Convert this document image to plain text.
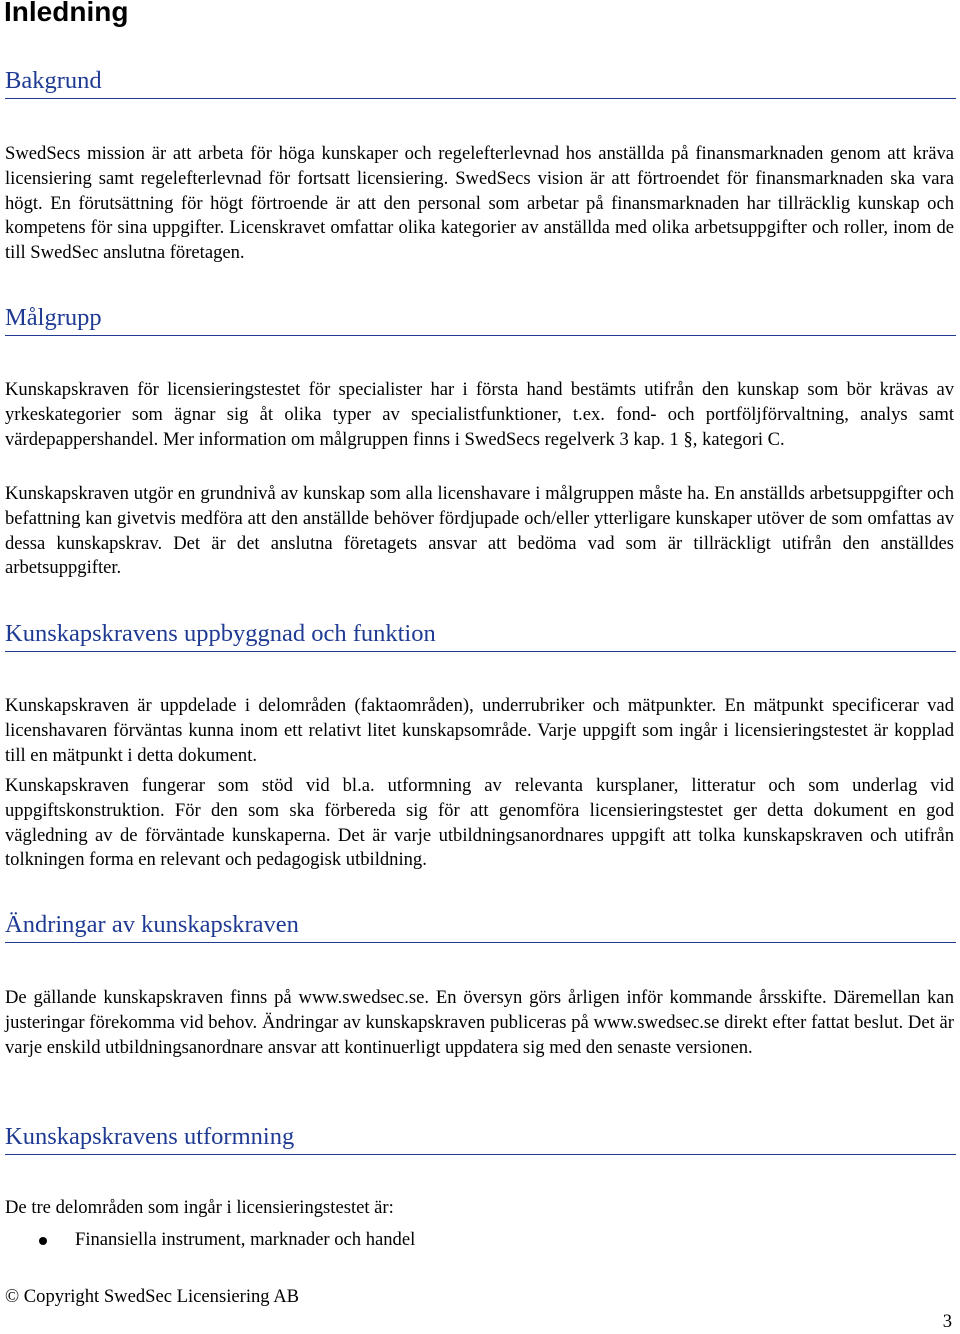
Inledning
Bakgrund

SwedSecs mission är att arbeta för höga kunskaper och regelefterlevnad hos anställda på finansmarknaden genom att kräva licensiering samt regelefterlevnad för fortsatt licensiering. SwedSecs vision är att förtroendet för finansmarknaden ska vara högt. En förutsättning för högt förtroende är att den personal som arbetar på finansmarknaden har tillräcklig kunskap och kompetens för sina uppgifter. Licenskravet omfattar olika kategorier av anställda med olika arbetsuppgifter och roller, inom de till SwedSec anslutna företagen.

Målgrupp

Kunskapskraven för licensieringstestet för specialister har i första hand bestämts utifrån den kunskap som bör krävas av yrkeskategorier som ägnar sig åt olika typer av specialistfunktioner, t.ex. fond- och portföljförvaltning, analys samt värdepappershandel. Mer information om målgruppen finns i SwedSecs regelverk 3 kap. 1 §, kategori C.

Kunskapskraven utgör en grundnivå av kunskap som alla licenshavare i målgruppen måste ha. En anställds arbetsuppgifter och befattning kan givetvis medföra att den anställde behöver fördjupade och/eller ytterligare kunskaper utöver de som omfattas av dessa kunskapskrav. Det är det anslutna företagets ansvar att bedöma vad som är tillräckligt utifrån den anställdes arbetsuppgifter.

Kunskapskravens uppbyggnad och funktion

Kunskapskraven är uppdelade i delområden (faktaområden), underrubriker och mätpunkter. En mätpunkt specificerar vad licenshavaren förväntas kunna inom ett relativt litet kunskapsområde. Varje uppgift som ingår i licensieringstestet är kopplad till en mätpunkt i detta dokument.

Kunskapskraven fungerar som stöd vid bl.a. utformning av relevanta kursplaner, litteratur och som underlag vid uppgiftskonstruktion. För den som ska förbereda sig för att genomföra licensieringstestet ger detta dokument en god vägledning av de förväntade kunskaperna. Det är varje utbildningsanordnares uppgift att tolka kunskapskraven och utifrån tolkningen forma en relevant och pedagogisk utbildning.

Ändringar av kunskapskraven

De gällande kunskapskraven finns på www.swedsec.se. En översyn görs årligen inför kommande årsskifte. Däremellan kan justeringar förekomma vid behov. Ändringar av kunskapskraven publiceras på www.swedsec.se direkt efter fattat beslut. Det är varje enskild utbildningsanordnare ansvar att kontinuerligt uppdatera sig med den senaste versionen.

Kunskapskravens utformning

De tre delområden som ingår i licensieringstestet är:

Finansiella instrument, marknader och handel
© Copyright SwedSec Licensiering AB
3
